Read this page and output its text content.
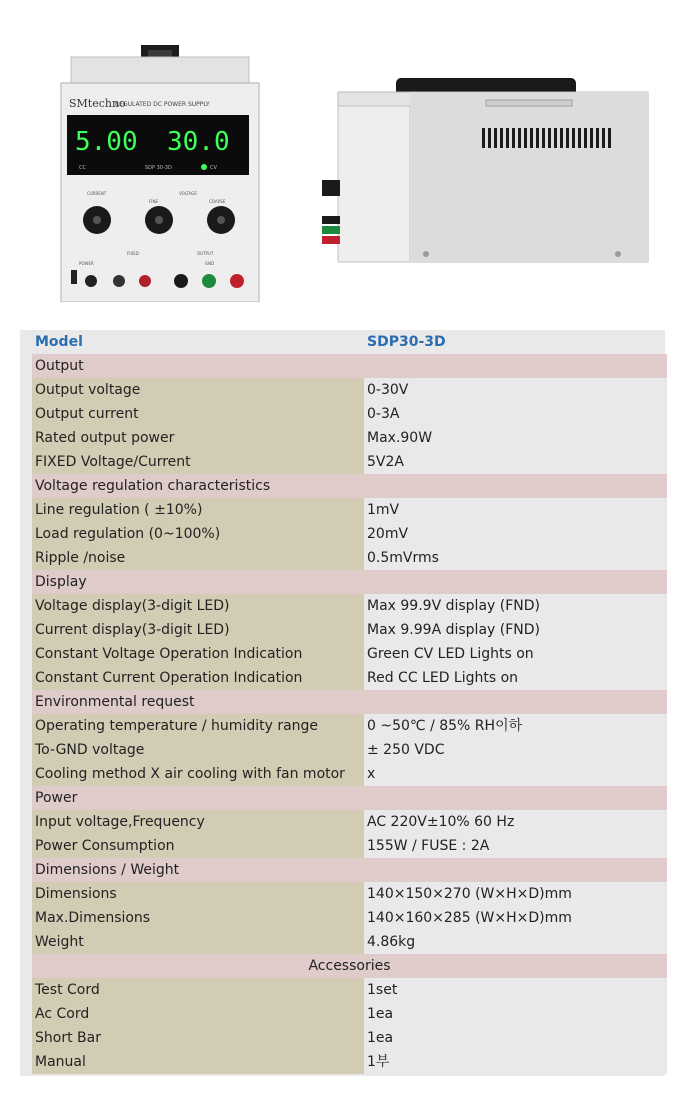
SMtechno
REGULATED DC POWER SUPPLY
5.00 30.0
CC	SDP 30-3D	CV
CURRENT
FINE
VOLTAGE
COARSE
POWER
FIXED	OUTPUT
GND
Model	SDP30-3D
Output
Output voltage	0-30V
Output current	0-3A
Rated output power	Max.90W
FIXED Voltage/Current	5V2A
Voltage regulation characteristics
Line regulation ( ±10%)	1mV
Load regulation (0~100%)	20mV
Ripple /noise	0.5mVrms
Display
Voltage display(3-digit LED)	Max 99.9V display (FND)
Current display(3-digit LED)	Max 9.99A display (FND)
Constant Voltage Operation Indication	Green CV LED Lights on
Constant Current Operation Indication	Red CC LED Lights on
Environmental request
Operating temperature / humidity range	0 ~50℃ / 85% RH이하
To-GND voltage	± 250 VDC
Cooling method X air cooling with fan motor	x
Power
Input voltage,Frequency	AC 220V±10% 60 Hz
Power Consumption	155W / FUSE : 2A
Dimensions / Weight
Dimensions	140×150×270 (W×H×D)mm
Max.Dimensions	140×160×285 (W×H×D)mm
Weight	4.86kg
Accessories
Test Cord	1set
Ac Cord	1ea
Short Bar	1ea
Manual	1부
